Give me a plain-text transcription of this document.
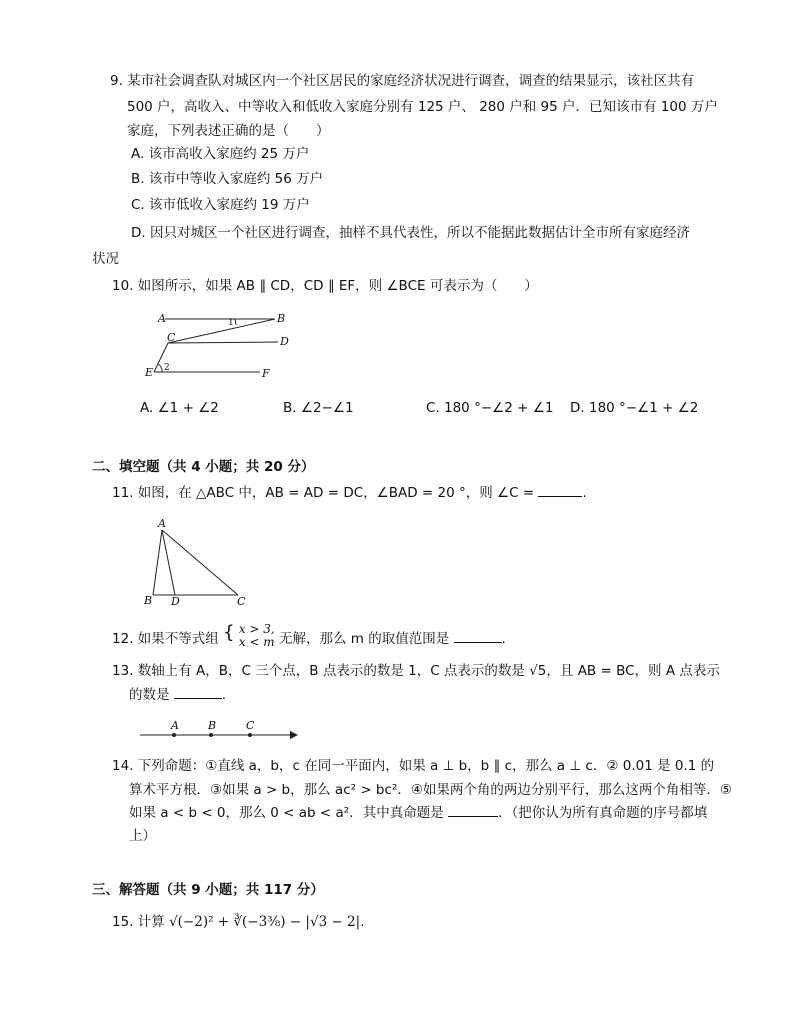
9. 某市社会调查队对城区内一个社区居民的家庭经济状况进行调查，调查的结果显示，该社区共有
500 户，高收入、中等收入和低收入家庭分别有 125 户、 280 户和 95 户．已知该市有 100 万户
家庭，下列表述正确的是（　　）
A. 该市高收入家庭约 25 万户
B. 该市中等收入家庭约 56 万户
C. 该市低收入家庭约 19 万户
D. 因只对城区一个社区进行调查，抽样不具代表性，所以不能据此数据估计全市所有家庭经济
状况
10. 如图所示，如果 AB ∥ CD，CD ∥ EF，则 ∠BCE 可表示为（　　）
A	B
C	D
E	F
1
2
A. ∠1 + ∠2	B. ∠2−∠1	C. 180 °−∠2 + ∠1 D. 180 °−∠1 + ∠2
二、填空题（共 4 小题；共 20 分）
11. 如图，在 △ABC 中，AB = AD = DC，∠BAD = 20 °，则 ∠C =	.
A
B D	C
12. 如果不等式组 { x > 3,
x < m 无解，那么 m 的取值范围是	.
13. 数轴上有 A，B，C 三个点，B 点表示的数是 1，C 点表示的数是 √5，且 AB = BC，则 A 点表示
的数是	.
A	B	C
14. 下列命题：①直线 a，b，c 在同一平面内，如果 a ⊥ b，b ∥ c，那么 a ⊥ c．② 0.01 是 0.1 的
算术平方根．③如果 a > b，那么 ac² > bc²．④如果两个角的两边分别平行，那么这两个角相等．⑤
如果 a < b < 0，那么 0 < ab < a²．其中真命题是	．（把你认为所有真命题的序号都填
上）
三、解答题（共 9 小题；共 117 分）
15. 计算 √(−2)² + ∛(−3³⁄₈) − |√3 − 2|.
